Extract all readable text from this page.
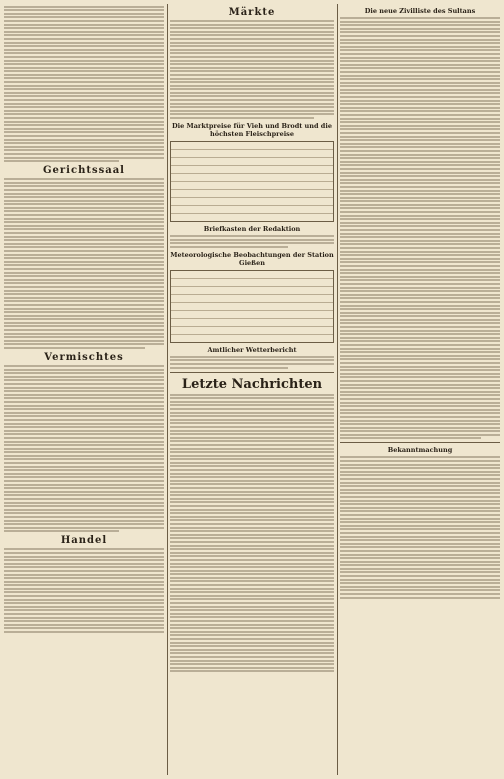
Gerichtssaal
Vermischtes
Handel
Märkte
Die Marktpreise für Vieh und Brodt und die höchsten Fleischpreise
Briefkasten der Redaktion
Meteorologische Beobachtungen der Station Gießen
Amtlicher Wetterbericht
Letzte Nachrichten
Die neue Zivilliste des Sultans
Bekanntmachung
